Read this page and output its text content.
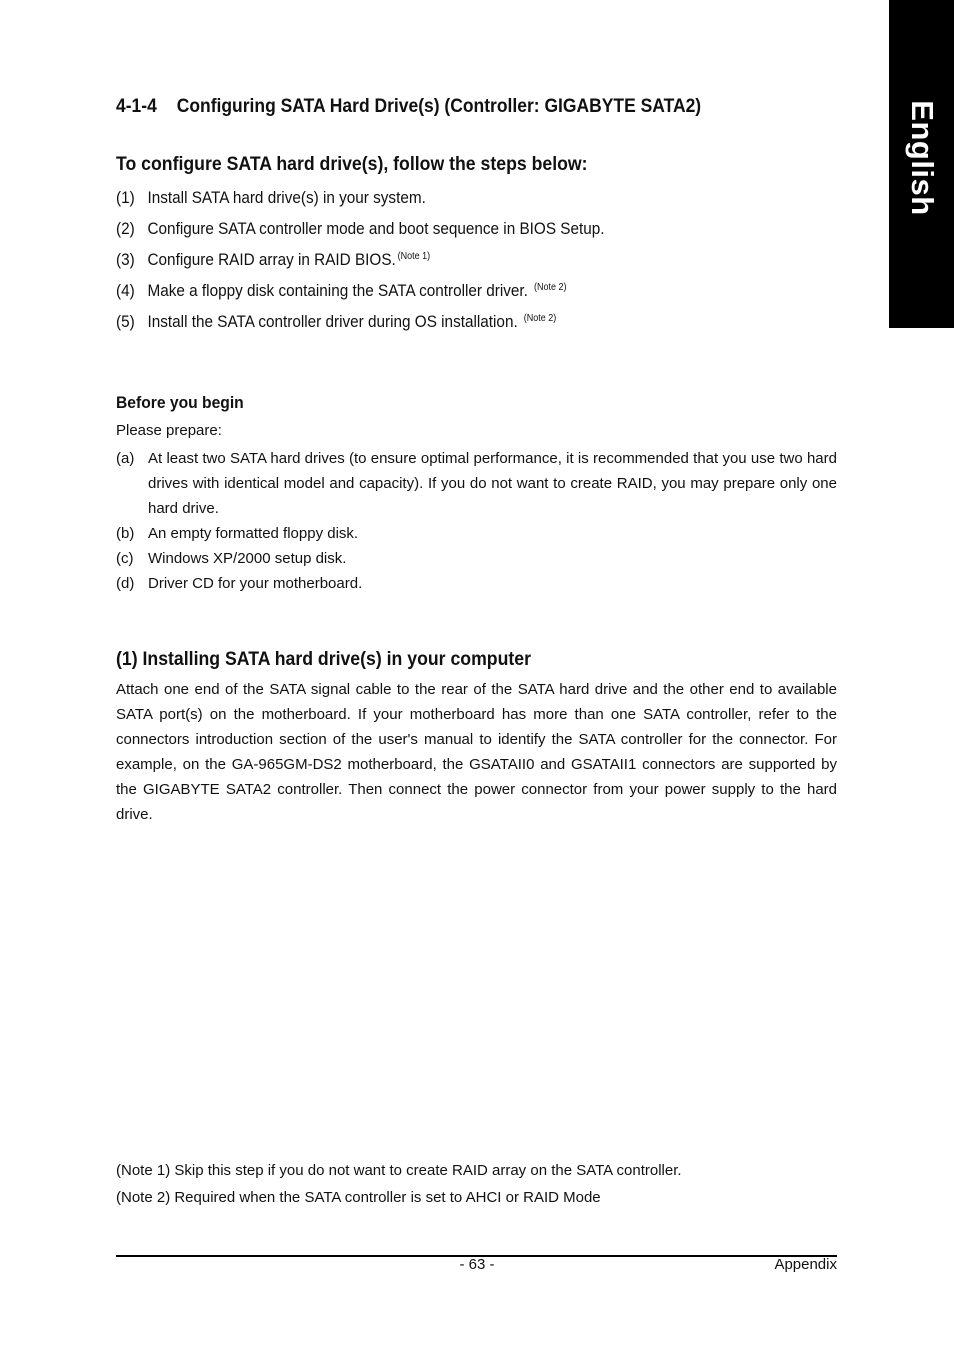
English
4-1-4 Configuring SATA Hard Drive(s) (Controller: GIGABYTE SATA2)
To configure SATA hard drive(s), follow the steps below:
(1) Install SATA hard drive(s) in your system.
(2) Configure SATA controller mode and boot sequence in BIOS Setup.
(3) Configure RAID array in RAID BIOS. $^{(Note 1)}$
(4) Make a floppy disk containing the SATA controller driver. $^{(Note 2)}$
(5) Install the SATA controller driver during OS installation. $^{(Note 2)}$
Before you begin
Please prepare:

(a) At least two SATA hard drives (to ensure optimal performance, it is recommended that you use two hard drives with identical model and capacity). If you do not want to create RAID, you may prepare only one hard drive.

(b) An empty formatted floppy disk.

(c) Windows XP/2000 setup disk.

(d) Driver CD for your motherboard.

(1) Installing SATA hard drive(s) in your computer

Attach one end of the SATA signal cable to the rear of the SATA hard drive and the other end to available SATA port(s) on the motherboard. If your motherboard has more than one SATA controller, refer to the connectors introduction section of the user's manual to identify the SATA controller for the connector. For example, on the GA-965GM-DS2 motherboard, the GSATAII0 and GSATAII1 connectors are supported by the GIGABYTE SATA2 controller. Then connect the power connector from your power supply to the hard drive.

(Note 1) Skip this step if you do not want to create RAID array on the SATA controller.
(Note 2) Required when the SATA controller is set to AHCI or RAID Mode
- 63 -	Appendix
